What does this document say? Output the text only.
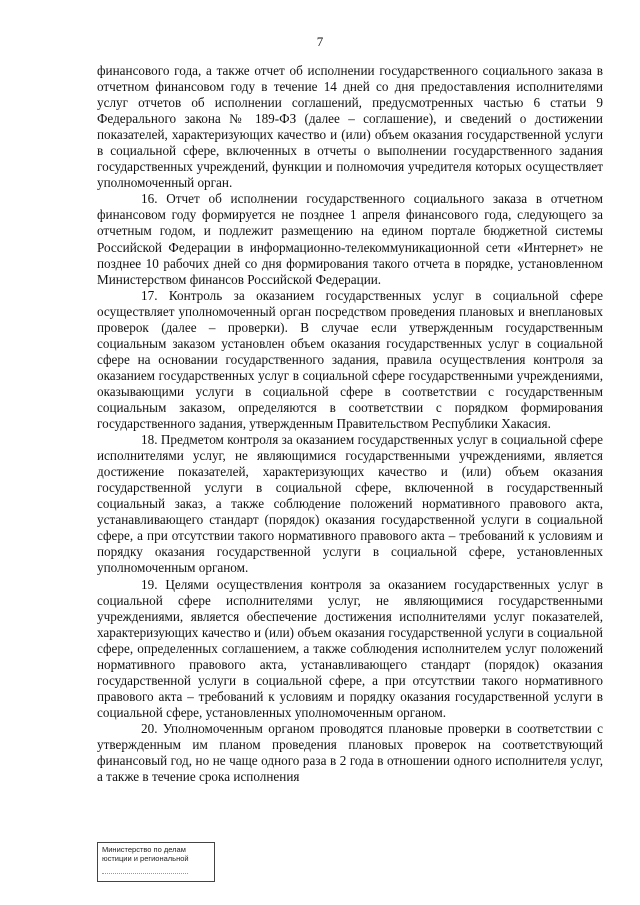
7

финансового года, а также отчет об исполнении государственного социального заказа в отчетном финансовом году в течение 14 дней со дня предоставления исполнителями услуг отчетов об исполнении соглашений, предусмотренных частью 6 статьи 9 Федерального закона № 189-ФЗ (далее – соглашение), и сведений о достижении показателей, характеризующих качество и (или) объем оказания государственной услуги в социальной сфере, включенных в отчеты о выполнении государственного задания государственных учреждений, функции и полномочия учредителя которых осуществляет уполномоченный орган.

16. Отчет об исполнении государственного социального заказа в отчетном финансовом году формируется не позднее 1 апреля финансового года, следующего за отчетным годом, и подлежит размещению на едином портале бюджетной системы Российской Федерации в информационно-телекоммуникационной сети «Интернет» не позднее 10 рабочих дней со дня формирования такого отчета в порядке, установленном Министерством финансов Российской Федерации.

17. Контроль за оказанием государственных услуг в социальной сфере осуществляет уполномоченный орган посредством проведения плановых и внеплановых проверок (далее – проверки). В случае если утвержденным государственным социальным заказом установлен объем оказания государственных услуг в социальной сфере на основании государственного задания, правила осуществления контроля за оказанием государственных услуг в социальной сфере государственными учреждениями, оказывающими услуги в социальной сфере в соответствии с государственным социальным заказом, определяются в соответствии с порядком формирования государственного задания, утвержденным Правительством Республики Хакасия.

18. Предметом контроля за оказанием государственных услуг в социальной сфере исполнителями услуг, не являющимися государственными учреждениями, является достижение показателей, характеризующих качество и (или) объем оказания государственной услуги в социальной сфере, включенной в государственный социальный заказ, а также соблюдение положений нормативного правового акта, устанавливающего стандарт (порядок) оказания государственной услуги в социальной сфере, а при отсутствии такого нормативного правового акта – требований к условиям и порядку оказания государственной услуги в социальной сфере, установленных уполномоченным органом.

19. Целями осуществления контроля за оказанием государственных услуг в социальной сфере исполнителями услуг, не являющимися государственными учреждениями, является обеспечение достижения исполнителями услуг показателей, характеризующих качество и (или) объем оказания государственной услуги в социальной сфере, определенных соглашением, а также соблюдения исполнителем услуг положений нормативного правового акта, устанавливающего стандарт (порядок) оказания государственной услуги в социальной сфере, а при отсутствии такого нормативного правового акта – требований к условиям и порядку оказания государственной услуги в социальной сфере, установленных уполномоченным органом.

20. Уполномоченным органом проводятся плановые проверки в соответствии с утвержденным им планом проведения плановых проверок на соответствующий финансовый год, но не чаще одного раза в 2 года в отношении одного исполнителя услуг, а также в течение срока исполнения

Министерство по делам
юстиции и региональной
